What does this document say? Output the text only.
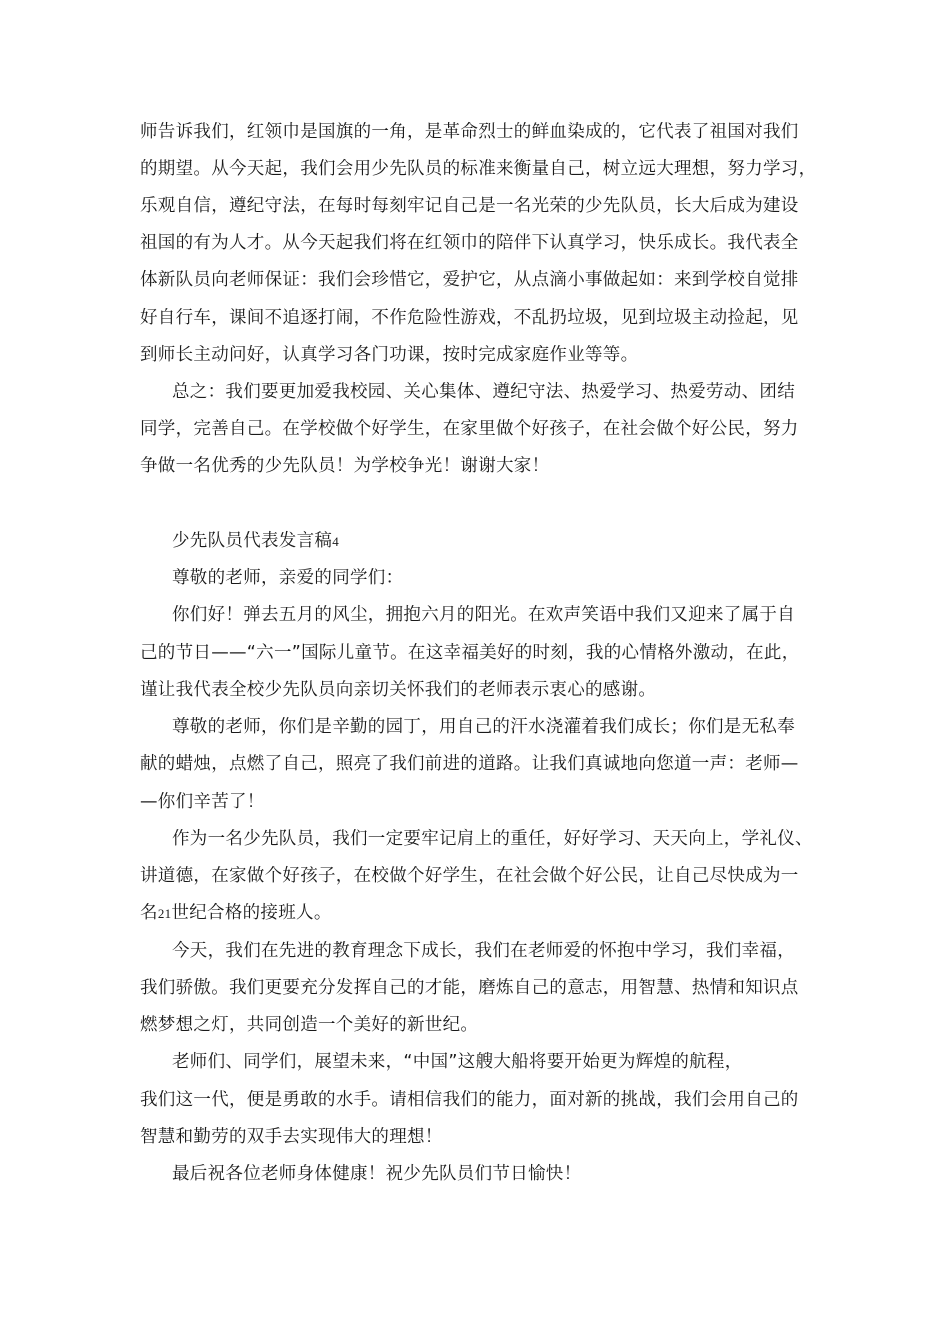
师告诉我们，红领巾是国旗的一角，是革命烈士的鲜血染成的，它代表了祖国对我们
的期望。从今天起，我们会用少先队员的标准来衡量自己，树立远大理想，努力学习，
乐观自信，遵纪守法，在每时每刻牢记自己是一名光荣的少先队员，长大后成为建设
祖国的有为人才。从今天起我们将在红领巾的陪伴下认真学习，快乐成长。我代表全
体新队员向老师保证：我们会珍惜它，爱护它，从点滴小事做起如：来到学校自觉排
好自行车，课间不追逐打闹，不作危险性游戏，不乱扔垃圾，见到垃圾主动捡起，见
到师长主动问好，认真学习各门功课，按时完成家庭作业等等。
总之：我们要更加爱我校园、关心集体、遵纪守法、热爱学习、热爱劳动、团结
同学，完善自己。在学校做个好学生，在家里做个好孩子，在社会做个好公民，努力
争做一名优秀的少先队员！为学校争光！谢谢大家！
少先队员代表发言稿4
尊敬的老师，亲爱的同学们：
你们好！弹去五月的风尘，拥抱六月的阳光。在欢声笑语中我们又迎来了属于自
己的节日——“六一”国际儿童节。在这幸福美好的时刻，我的心情格外激动，在此，
谨让我代表全校少先队员向亲切关怀我们的老师表示衷心的感谢。
尊敬的老师，你们是辛勤的园丁，用自己的汗水浇灌着我们成长；你们是无私奉
献的蜡烛，点燃了自己，照亮了我们前进的道路。让我们真诚地向您道一声：老师—
—你们辛苦了！
作为一名少先队员，我们一定要牢记肩上的重任，好好学习、天天向上，学礼仪、
讲道德，在家做个好孩子，在校做个好学生，在社会做个好公民，让自己尽快成为一
名21世纪合格的接班人。
今天，我们在先进的教育理念下成长，我们在老师爱的怀抱中学习，我们幸福，
我们骄傲。我们更要充分发挥自己的才能，磨炼自己的意志，用智慧、热情和知识点
燃梦想之灯，共同创造一个美好的新世纪。
老师们、同学们，展望未来，“中国”这艘大船将要开始更为辉煌的航程，
我们这一代，便是勇敢的水手。请相信我们的能力，面对新的挑战，我们会用自己的
智慧和勤劳的双手去实现伟大的理想！
最后祝各位老师身体健康！祝少先队员们节日愉快！
